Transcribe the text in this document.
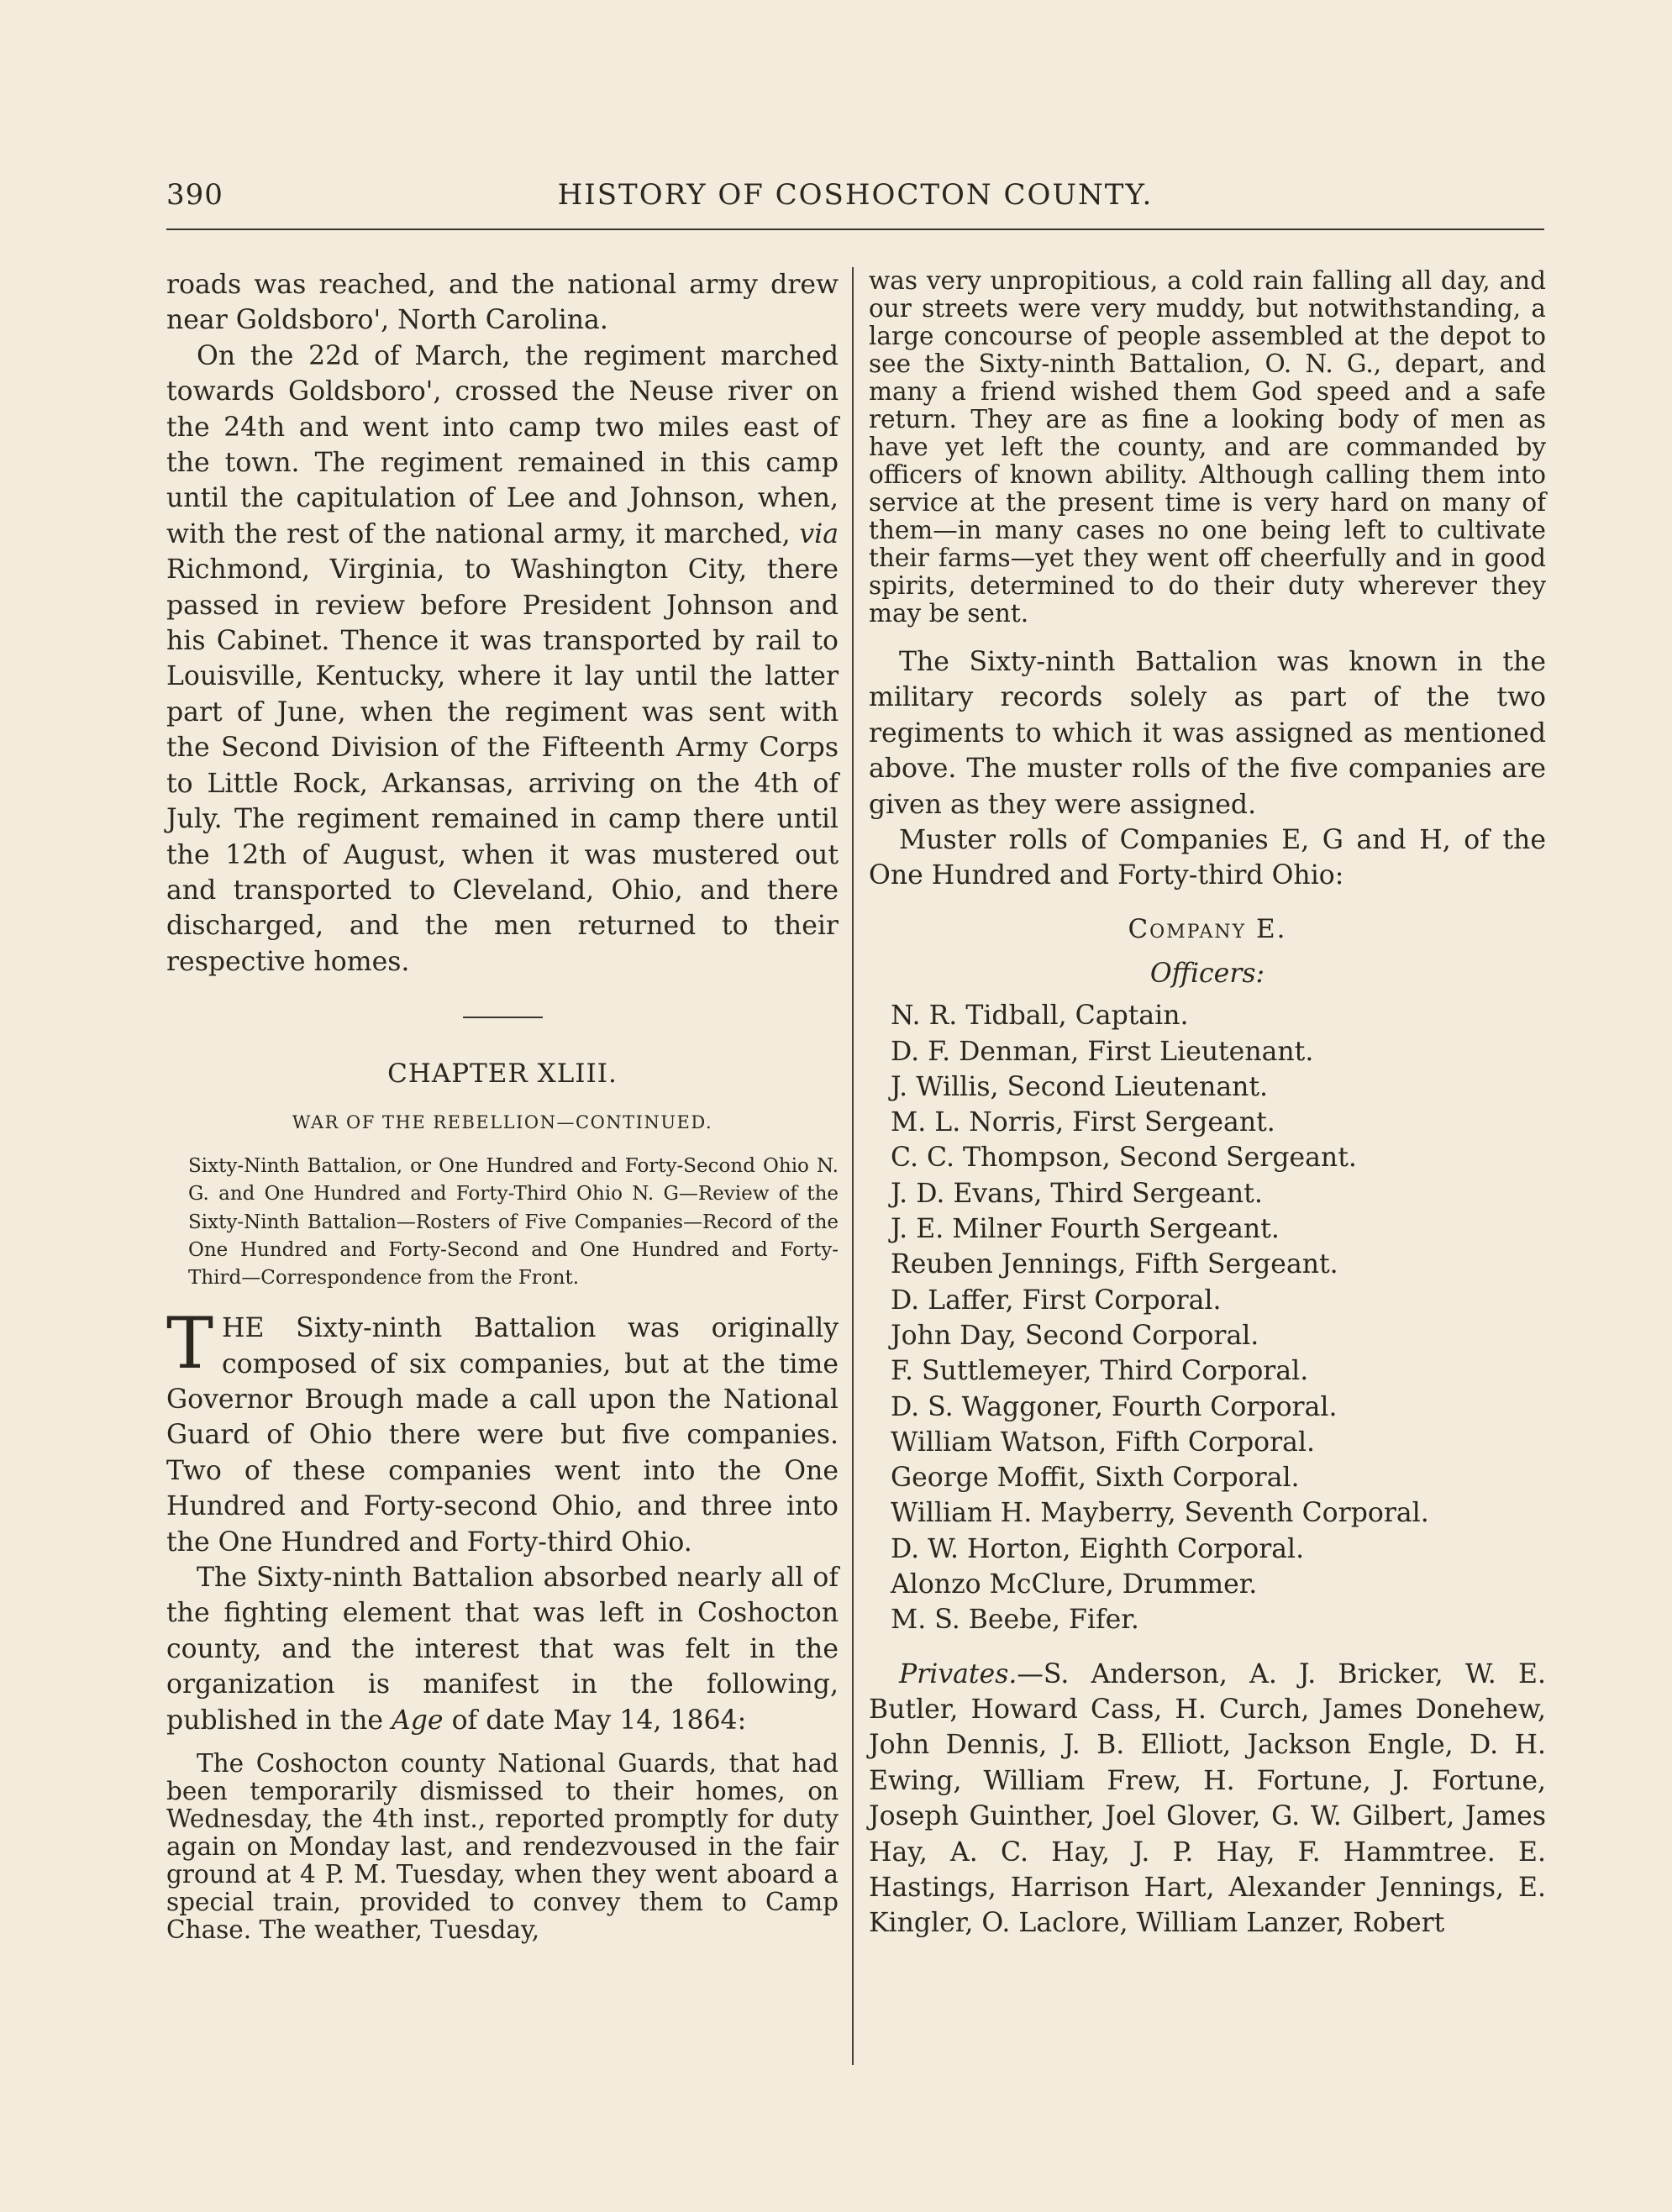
390	HISTORY OF COSHOCTON COUNTY.

roads was reached, and the national army drew near Goldsboro', North Carolina.

On the 22d of March, the regiment marched towards Goldsboro', crossed the Neuse river on the 24th and went into camp two miles east of the town. The regiment remained in this camp until the capitulation of Lee and Johnson, when, with the rest of the national army, it marched, via Richmond, Virginia, to Washington City, there passed in review before President Johnson and his Cabinet. Thence it was transported by rail to Louisville, Kentucky, where it lay until the latter part of June, when the regiment was sent with the Second Division of the Fifteenth Army Corps to Little Rock, Arkansas, arriving on the 4th of July. The regiment remained in camp there until the 12th of August, when it was mustered out and transported to Cleveland, Ohio, and there discharged, and the men returned to their respective homes.

CHAPTER XLIII.

WAR OF THE REBELLION—CONTINUED.

Sixty-Ninth Battalion, or One Hundred and Forty-Second Ohio N. G. and One Hundred and Forty-Third Ohio N. G—Review of the Sixty-Ninth Battalion—Rosters of Five Companies—Record of the One Hundred and Forty-Second and One Hundred and Forty-Third—Correspondence from the Front.

THE Sixty-ninth Battalion was originally composed of six companies, but at the time Governor Brough made a call upon the National Guard of Ohio there were but five companies. Two of these companies went into the One Hundred and Forty-second Ohio, and three into the One Hundred and Forty-third Ohio.

The Sixty-ninth Battalion absorbed nearly all of the fighting element that was left in Coshocton county, and the interest that was felt in the organization is manifest in the following, published in the Age of date May 14, 1864:

The Coshocton county National Guards, that had been temporarily dismissed to their homes, on Wednesday, the 4th inst., reported promptly for duty again on Monday last, and rendezvoused in the fair ground at 4 P. M. Tuesday, when they went aboard a special train, provided to convey them to Camp Chase. The weather, Tuesday,

was very unpropitious, a cold rain falling all day, and our streets were very muddy, but notwithstanding, a large concourse of people assembled at the depot to see the Sixty-ninth Battalion, O. N. G., depart, and many a friend wished them God speed and a safe return. They are as fine a looking body of men as have yet left the county, and are commanded by officers of known ability. Although calling them into service at the present time is very hard on many of them—in many cases no one being left to cultivate their farms—yet they went off cheerfully and in good spirits, determined to do their duty wherever they may be sent.

The Sixty-ninth Battalion was known in the military records solely as part of the two regiments to which it was assigned as mentioned above. The muster rolls of the five companies are given as they were assigned.

Muster rolls of Companies E, G and H, of the One Hundred and Forty-third Ohio:

Company E.

Officers:

N. R. Tidball, Captain.
D. F. Denman, First Lieutenant.
J. Willis, Second Lieutenant.
M. L. Norris, First Sergeant.
C. C. Thompson, Second Sergeant.
J. D. Evans, Third Sergeant.
J. E. Milner Fourth Sergeant.
Reuben Jennings, Fifth Sergeant.
D. Laffer, First Corporal.
John Day, Second Corporal.
F. Suttlemeyer, Third Corporal.
D. S. Waggoner, Fourth Corporal.
William Watson, Fifth Corporal.
George Moffit, Sixth Corporal.
William H. Mayberry, Seventh Corporal.
D. W. Horton, Eighth Corporal.
Alonzo McClure, Drummer.
M. S. Beebe, Fifer.

Privates.—S. Anderson, A. J. Bricker, W. E. Butler, Howard Cass, H. Curch, James Donehew, John Dennis, J. B. Elliott, Jackson Engle, D. H. Ewing, William Frew, H. Fortune, J. Fortune, Joseph Guinther, Joel Glover, G. W. Gilbert, James Hay, A. C. Hay, J. P. Hay, F. Hammtree. E. Hastings, Harrison Hart, Alexander Jennings, E. Kingler, O. Laclore, William Lanzer, Robert
